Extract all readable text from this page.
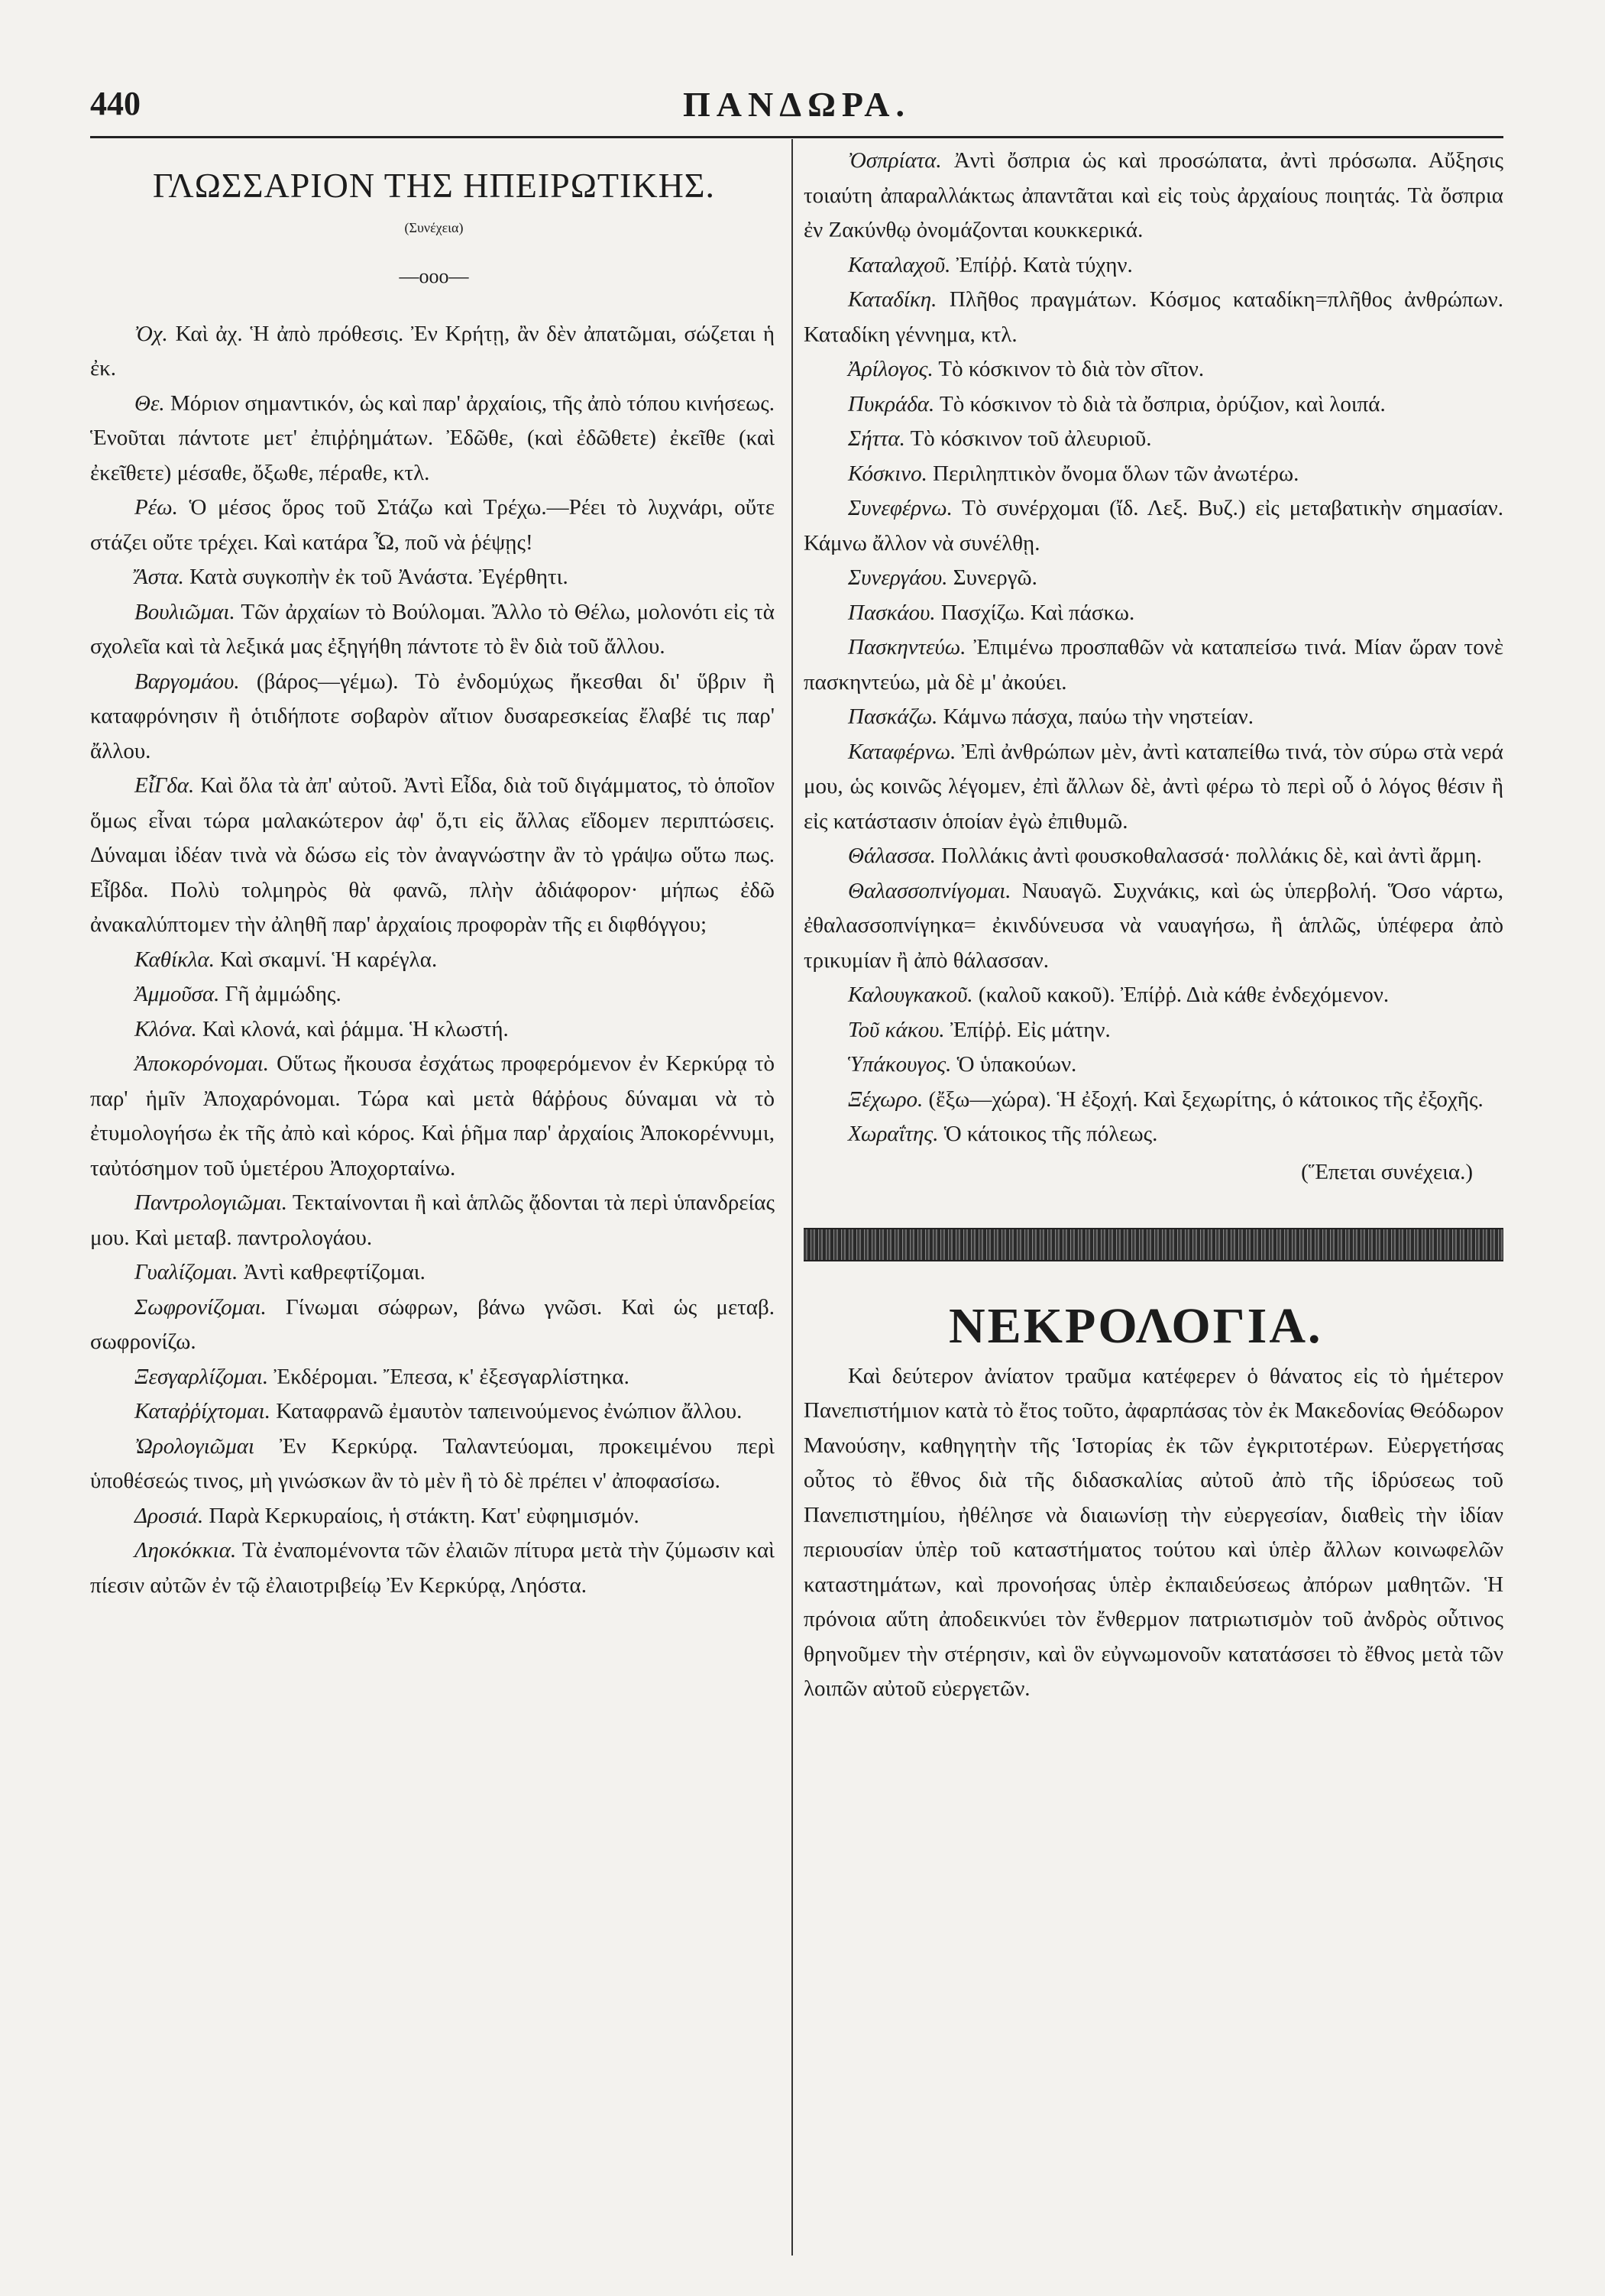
440	ΠΑΝΔΩΡΑ.
ΓΛΩΣΣΑΡΙΟΝ ΤΗΣ ΗΠΕΙΡΩΤΙΚΗΣ.
(Συνέχεια)
—οοο—

Ὀχ. Καὶ ἀχ. Ἡ ἀπὸ πρόθεσις. Ἐν Κρήτῃ, ἂν δὲν ἀπατῶμαι, σώζεται ἡ ἐκ.

Θε. Μόριον σημαντικόν, ὡς καὶ παρ' ἀρχαίοις, τῆς ἀπὸ τόπου κινήσεως. Ἑνοῦται πάντοτε μετ' ἐπιῤῥημάτων. Ἐδῶθε, (καὶ ἐδῶθετε) ἐκεῖθε (καὶ ἐκεῖθετε) μέσαθε, ὄξωθε, πέραθε, κτλ.

Ρέω. Ὁ μέσος ὅρος τοῦ Στάζω καὶ Τρέχω.—Ρέει τὸ λυχνάρι, οὔτε στάζει οὔτε τρέχει. Καὶ κατάρα Ὦ, ποῦ νὰ ῥέψῃς!

Ἄστα. Κατὰ συγκοπὴν ἐκ τοῦ Ἀνάστα. Ἐγέρθητι.

Βουλιῶμαι. Τῶν ἀρχαίων τὸ Βούλομαι. Ἄλλο τὸ Θέλω, μολονότι εἰς τὰ σχολεῖα καὶ τὰ λεξικά μας ἐξηγήθη πάντοτε τὸ ἓν διὰ τοῦ ἄλλου.

Βαργομάου. (βάρος—γέμω). Τὸ ἐνδομύχως ἤκεσθαι δι' ὕβριν ἢ καταφρόνησιν ἢ ὁτιδήποτε σοβαρὸν αἴτιον δυσαρεσκείας ἔλαβέ τις παρ' ἄλλου.

ΕἶΓδα. Καὶ ὄλα τὰ ἀπ' αὐτοῦ. Ἀντὶ Εἶδα, διὰ τοῦ διγάμματος, τὸ ὁποῖον ὅμως εἶναι τώρα μαλακώτερον ἀφ' ὅ,τι εἰς ἄλλας εἴδομεν περιπτώσεις. Δύναμαι ἰδέαν τινὰ νὰ δώσω εἰς τὸν ἀναγνώστην ἂν τὸ γράψω οὕτω πως. Εἶβδα. Πολὺ τολμηρὸς θὰ φανῶ, πλὴν ἀδιάφορον· μήπως ἐδῶ ἀνακαλύπτομεν τὴν ἀληθῆ παρ' ἀρχαίοις προφορὰν τῆς ει διφθόγγου;

Καθίκλα. Καὶ σκαμνί. Ἡ καρέγλα.

Ἀμμοῦσα. Γῆ ἀμμώδης.

Κλόνα. Καὶ κλονά, καὶ ῥάμμα. Ἡ κλωστή.

Ἀποκορόνομαι. Οὕτως ἤκουσα ἐσχάτως προφερόμενον ἐν Κερκύρᾳ τὸ παρ' ἡμῖν Ἀποχαρόνομαι. Τώρα καὶ μετὰ θάῤῥους δύναμαι νὰ τὸ ἐτυμολογήσω ἐκ τῆς ἀπὸ καὶ κόρος. Καὶ ῥῆμα παρ' ἀρχαίοις Ἀποκορέννυμι, ταὐτόσημον τοῦ ὑμετέρου Ἀποχορταίνω.

Παντρολογιῶμαι. Τεκταίνονται ἢ καὶ ἁπλῶς ᾄδονται τὰ περὶ ὑπανδρείας μου. Καὶ μεταβ. παντρολογάου.

Γυαλίζομαι. Ἀντὶ καθρεφτίζομαι.

Σωφρονίζομαι. Γίνωμαι σώφρων, βάνω γνῶσι. Καὶ ὡς μεταβ. σωφρονίζω.

Ξεσγαρλίζομαι. Ἐκδέρομαι. Ἔπεσα, κ' ἐξεσγαρλίστηκα.

Καταῤῥίχτομαι. Καταφρανῶ ἐμαυτὸν ταπεινούμενος ἐνώπιον ἄλλου.

Ὠρολογιῶμαι Ἐν Κερκύρᾳ. Ταλαντεύομαι, προκειμένου περὶ ὑποθέσεώς τινος, μὴ γινώσκων ἂν τὸ μὲν ἢ τὸ δὲ πρέπει ν' ἀποφασίσω.

Δροσιά. Παρὰ Κερκυραίοις, ἡ στάκτη. Κατ' εὐφημισμόν.

Ληοκόκκια. Τὰ ἐναπομένοντα τῶν ἐλαιῶν πίτυρα μετὰ τὴν ζύμωσιν καὶ πίεσιν αὐτῶν ἐν τῷ ἐλαιοτριβείῳ Ἐν Κερκύρᾳ, Ληόστα.

Ὀσπρίατα. Ἀντὶ ὄσπρια ὡς καὶ προσώπατα, ἀντὶ πρόσωπα. Αὔξησις τοιαύτη ἀπαραλλάκτως ἀπαντᾶται καὶ εἰς τοὺς ἀρχαίους ποιητάς. Τὰ ὄσπρια ἐν Ζακύνθῳ ὀνομάζονται κουκκερικά.

Καταλαχοῦ. Ἐπίῤῥ. Κατὰ τύχην.

Καταδίκη. Πλῆθος πραγμάτων. Κόσμος καταδίκη=πλῆθος ἀνθρώπων. Καταδίκη γέννημα, κτλ.

Ἀρίλογος. Τὸ κόσκινον τὸ διὰ τὸν σῖτον.

Πυκράδα. Τὸ κόσκινον τὸ διὰ τὰ ὄσπρια, ὀρύζιον, καὶ λοιπά.

Σήττα. Τὸ κόσκινον τοῦ ἀλευριοῦ.

Κόσκινο. Περιληπτικὸν ὄνομα ὅλων τῶν ἀνωτέρω.

Συνεφέρνω. Τὸ συνέρχομαι (ἴδ. Λεξ. Βυζ.) εἰς μεταβατικὴν σημασίαν. Κάμνω ἄλλον νὰ συνέλθῃ.

Συνεργάου. Συνεργῶ.

Πασκάου. Πασχίζω. Καὶ πάσκω.

Πασκηντεύω. Ἐπιμένω προσπαθῶν νὰ καταπείσω τινά. Μίαν ὥραν τονὲ πασκηντεύω, μὰ δὲ μ' ἀκούει.

Πασκάζω. Κάμνω πάσχα, παύω τὴν νηστείαν.

Καταφέρνω. Ἐπὶ ἀνθρώπων μὲν, ἀντὶ καταπείθω τινά, τὸν σύρω στὰ νερά μου, ὡς κοινῶς λέγομεν, ἐπὶ ἄλλων δὲ, ἀντὶ φέρω τὸ περὶ οὗ ὁ λόγος θέσιν ἢ εἰς κατάστασιν ὁποίαν ἐγὼ ἐπιθυμῶ.

Θάλασσα. Πολλάκις ἀντὶ φουσκοθαλασσά· πολλάκις δὲ, καὶ ἀντὶ ἄρμη.

Θαλασσοπνίγομαι. Ναυαγῶ. Συχνάκις, καὶ ὡς ὑπερβολή. Ὅσο νάρτω, ἐθαλασσοπνίγηκα= ἐκινδύνευσα νὰ ναυαγήσω, ἢ ἁπλῶς, ὑπέφερα ἀπὸ τρικυμίαν ἢ ἀπὸ θάλασσαν.

Καλουγκακοῦ. (καλοῦ κακοῦ). Ἐπίῤῥ. Διὰ κάθε ἐνδεχόμενον.

Τοῦ κάκου. Ἐπίῤῥ. Εἰς μάτην.

Ὑπάκουγος. Ὁ ὑπακούων.

Ξέχωρο. (ἔξω—χώρα). Ἡ ἐξοχή. Καὶ ξεχωρίτης, ὁ κάτοικος τῆς ἐξοχῆς.

Χωραΐτης. Ὁ κάτοικος τῆς πόλεως.

(Ἕπεται συνέχεια.)
ΝΕΚΡΟΛΟΓΙΑ.

Καὶ δεύτερον ἀνίατον τραῦμα κατέφερεν ὁ θάνατος εἰς τὸ ἡμέτερον Πανεπιστήμιον κατὰ τὸ ἔτος τοῦτο, ἀφαρπάσας τὸν ἐκ Μακεδονίας Θεόδωρον Μανούσην, καθηγητὴν τῆς Ἱστορίας ἐκ τῶν ἐγκριτοτέρων. Εὐεργετήσας οὗτος τὸ ἔθνος διὰ τῆς διδασκαλίας αὐτοῦ ἀπὸ τῆς ἱδρύσεως τοῦ Πανεπιστημίου, ἠθέλησε νὰ διαιωνίσῃ τὴν εὐεργεσίαν, διαθεὶς τὴν ἰδίαν περιουσίαν ὑπὲρ τοῦ καταστήματος τούτου καὶ ὑπὲρ ἄλλων κοινωφελῶν καταστημάτων, καὶ προνοήσας ὑπὲρ ἐκπαιδεύσεως ἀπόρων μαθητῶν. Ἡ πρόνοια αὕτη ἀποδεικνύει τὸν ἔνθερμον πατριωτισμὸν τοῦ ἀνδρὸς οὗτινος θρηνοῦμεν τὴν στέρησιν, καὶ ὃν εὐγνωμονοῦν κατατάσσει τὸ ἔθνος μετὰ τῶν λοιπῶν αὐτοῦ εὐεργετῶν.
